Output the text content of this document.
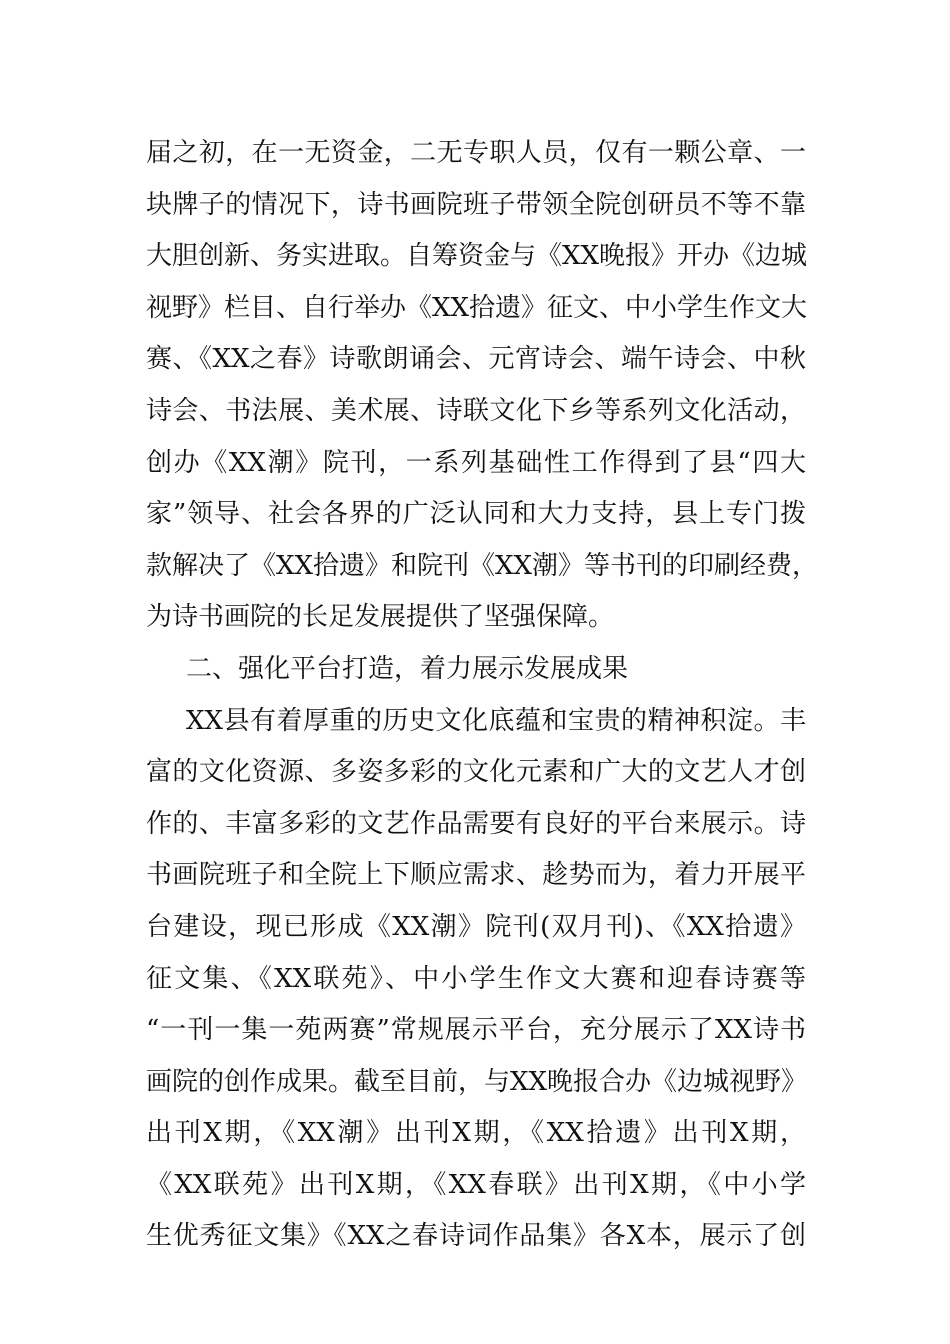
届之初，在一无资金，二无专职人员，仅有一颗公章、一
块牌子的情况下，诗书画院班子带领全院创研员不等不靠
大胆创新、务实进取。自筹资金与《XX晚报》开办《边城
视野》栏目、自行举办《XX拾遗》征文、中小学生作文大
赛、《XX之春》诗歌朗诵会、元宵诗会、端午诗会、中秋
诗会、书法展、美术展、诗联文化下乡等系列文化活动，
创办《XX潮》院刊，一系列基础性工作得到了县“四大
家”领导、社会各界的广泛认同和大力支持，县上专门拨
款解决了《XX拾遗》和院刊《XX潮》等书刊的印刷经费，
为诗书画院的长足发展提供了坚强保障。
二、强化平台打造，着力展示发展成果
XX县有着厚重的历史文化底蕴和宝贵的精神积淀。丰
富的文化资源、多姿多彩的文化元素和广大的文艺人才创
作的、丰富多彩的文艺作品需要有良好的平台来展示。诗
书画院班子和全院上下顺应需求、趁势而为，着力开展平
台建设，现已形成《XX潮》院刊(双月刊)、《XX拾遗》
征文集、《XX联苑》、中小学生作文大赛和迎春诗赛等
“一刊一集一苑两赛”常规展示平台，充分展示了XX诗书
画院的创作成果。截至目前，与XX晚报合办《边城视野》
出刊X期，《XX潮》出刊X期，《XX拾遗》出刊X期，
《XX联苑》出刊X期，《XX春联》出刊X期，《中小学
生优秀征文集》《XX之春诗词作品集》各X本，展示了创
